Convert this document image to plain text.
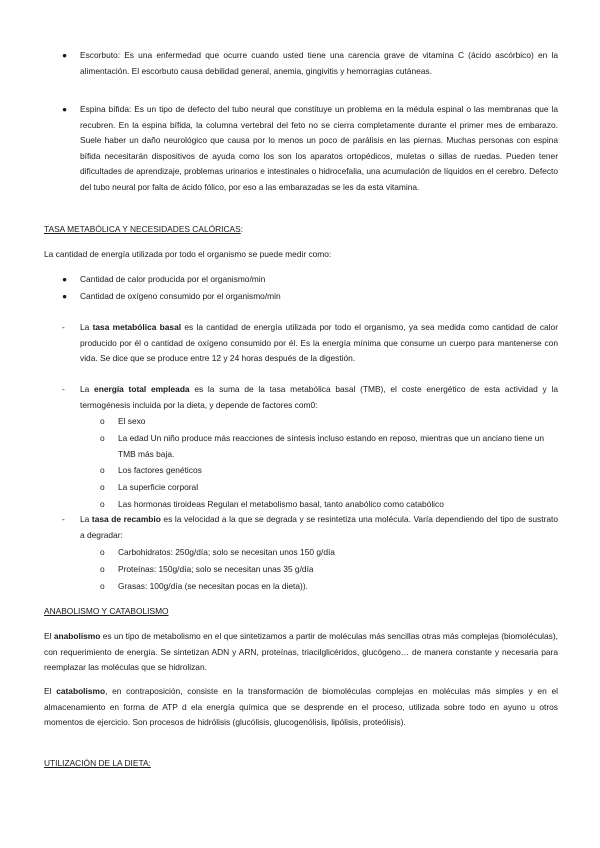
●	Escorbuto: Es una enfermedad que ocurre cuando usted tiene una carencia grave de vitamina C (ácido ascórbico) en la alimentación. El escorbuto causa debilidad general, anemia, gingivitis y hemorragias cutáneas.
●	Espina bífida: Es un tipo de defecto del tubo neural que constituye un problema en la médula espinal o las membranas que la recubren. En la espina bífida, la columna vertebral del feto no se cierra completamente durante el primer mes de embarazo. Suele haber un daño neurológico que causa por lo menos un poco de parálisis en las piernas. Muchas personas con espina bífida necesitarán dispositivos de ayuda como los son los aparatos ortopédicos, muletas o sillas de ruedas. Pueden tener dificultades de aprendizaje, problemas urinarios e intestinales o hidrocefalia, una acumulación de líquidos en el cerebro. Defecto del tubo neural por falta de ácido fólico, por eso a las embarazadas se les da esta vitamina.
TASA METABÓLICA Y NECESIDADES CALÓRICAS:
La cantidad de energía utilizada por todo el organismo se puede medir como:
●	Cantidad de calor producida por el organismo/min
●	Cantidad de oxígeno consumido por el organismo/min
-	La tasa metabólica basal es la cantidad de energía utilizada por todo el organismo, ya sea medida como cantidad de calor producido por él o cantidad de oxígeno consumido por él. Es la energía mínima que consume un cuerpo para mantenerse con vida. Se dice que se produce entre 12 y 24 horas después de la digestión.
-	La energía total empleada es la suma de la tasa metabólica basal (TMB), el coste energético de esta actividad y la termogénesis incluida por la dieta, y depende de factores com0:
o	El sexo
o	La edad Un niño produce más reacciones de síntesis incluso estando en reposo, mientras que un anciano tiene un TMB más baja.
o	Los factores genéticos
o	La superficie corporal
o	Las hormonas tiroideas Regulan el metabolismo basal, tanto anabólico como catabólico
-	La tasa de recambio es la velocidad a la que se degrada y se resintetiza una molécula. Varía dependiendo del tipo de sustrato a degradar:
o	Carbohidratos: 250g/día; solo se necesitan unos 150 g/día
o	Proteínas: 150g/día; solo se necesitan unas 35 g/día
o	Grasas: 100g/día (se necesitan pocas en la dieta)).
ANABOLISMO Y CATABOLISMO
El anabolismo es un tipo de metabolismo en el que sintetizamos a partir de moléculas más sencillas otras más complejas (biomoléculas), con requerimiento de energía. Se sintetizan ADN y ARN, proteínas, triacilglicéridos, glucógeno… de manera constante y necesaria para reemplazar las moléculas que se hidrolizan.
El catabolismo, en contraposición, consiste en la transformación de biomoléculas complejas en moléculas más simples y en el almacenamiento en forma de ATP d ela energía química que se desprende en el proceso, utilizada sobre todo en ayuno u otros momentos de ejercicio. Son procesos de hidrólisis (glucólisis, glucogenólisis, lipólisis, proteólisis).
UTILIZACIÓN DE LA DIETA:
